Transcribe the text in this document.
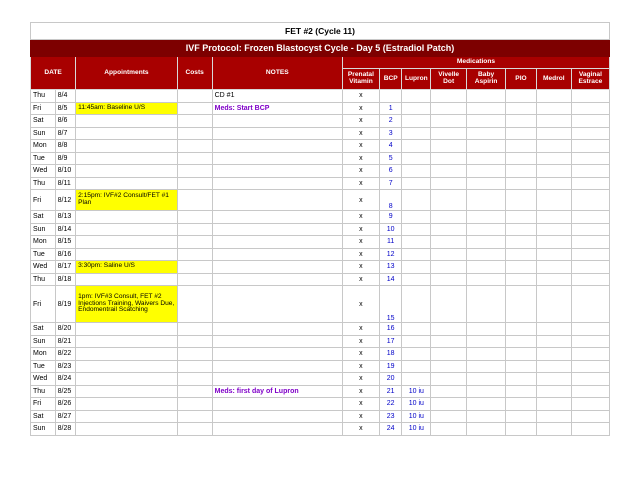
FET #2 (Cycle 11)												
IVF Protocol: Frozen Blastocyst Cycle - Day 5 (Estradiol Patch)												
DATE		Appointments	Costs	NOTES	Medications							
					Prenatal Vitamin	BCP	Lupron	Vivelle Dot	Baby Aspirin	PIO	Medrol	Vaginal Estrace
Thu	8/4			CD #1	x							
Fri	8/5	11:45am: Baseline U/S		Meds: Start BCP	x	1						
Sat	8/6				x	2						
Sun	8/7				x	3						
Mon	8/8				x	4						
Tue	8/9				x	5						
Wed	8/10				x	6						
Thu	8/11				x	7						
Fri	8/12	2:15pm: IVF#2 Consult/FET #1 Plan			x	8						
Sat	8/13				x	9						
Sun	8/14				x	10						
Mon	8/15				x	11						
Tue	8/16				x	12						
Wed	8/17	3:30pm: Saline U/S			x	13						
Thu	8/18				x	14						
Fri	8/19	1pm: IVF#3 Consult, FET #2 Injections Training, Waivers Due, Endomentrail Scatching			x	15						
Sat	8/20				x	16						
Sun	8/21				x	17						
Mon	8/22				x	18						
Tue	8/23				x	19						
Wed	8/24				x	20						
Thu	8/25			Meds: first day of Lupron	x	21	10 iu					
Fri	8/26				x	22	10 iu					
Sat	8/27				x	23	10 iu					
Sun	8/28				x	24	10 iu					
